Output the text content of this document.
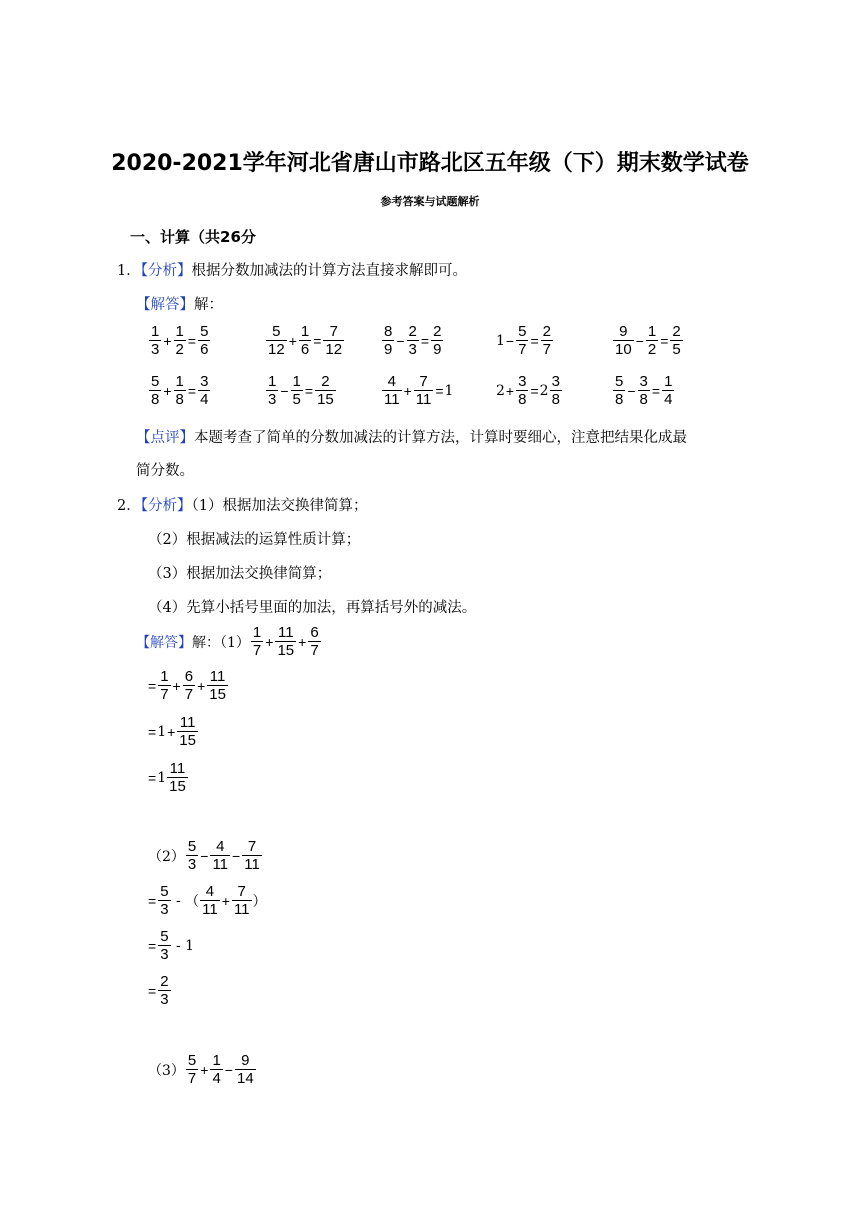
2020-2021学年河北省唐山市路北区五年级（下）期末数学试卷
参考答案与试题解析
一、计算（共26分
1．【分析】根据分数加减法的计算方法直接求解即可。
【解答】解：
$\frac{1}{3} + \frac{1}{2} = \frac{5}{6}$	$\frac{5}{12} + \frac{1}{6} = \frac{7}{12}$	$\frac{8}{9} - \frac{2}{3} = \frac{2}{9}$	$1 - \frac{5}{7} = \frac{2}{7}$	$\frac{9}{10} - \frac{1}{2} = \frac{2}{5}$
$\frac{5}{8} + \frac{1}{8} = \frac{3}{4}$	$\frac{1}{3} - \frac{1}{5} = \frac{2}{15}$	$\frac{4}{11} + \frac{7}{11} = 1$	$2 + \frac{3}{8} = 2 \frac{3}{8}$	$\frac{5}{8} - \frac{3}{8} = \frac{1}{4}$
【点评】本题考查了简单的分数加减法的计算方法，计算时要细心，注意把结果化成最
简分数。
2．【分析】（1）根据加法交换律简算；
（2）根据减法的运算性质计算；
（3）根据加法交换律简算；
（4）先算小括号里面的加法，再算括号外的减法。
【解答】 解：$(1) \frac{1}{7} + \frac{11}{15} + \frac{6}{7}$
= $\frac{1}{7} + \frac{6}{7} + \frac{11}{15}$
= $1 + \frac{11}{15}$
= $1 \frac{11}{15}$
$(2) \frac{5}{3} - \frac{4}{11} - \frac{7}{11}$
= $\frac{5}{3}$ - （ $\frac{4}{11} + \frac{7}{11}$ ）
= $\frac{5}{3} - 1$
= $\frac{2}{3}$
$(3) \frac{5}{7} + \frac{1}{4} - \frac{9}{14}$
